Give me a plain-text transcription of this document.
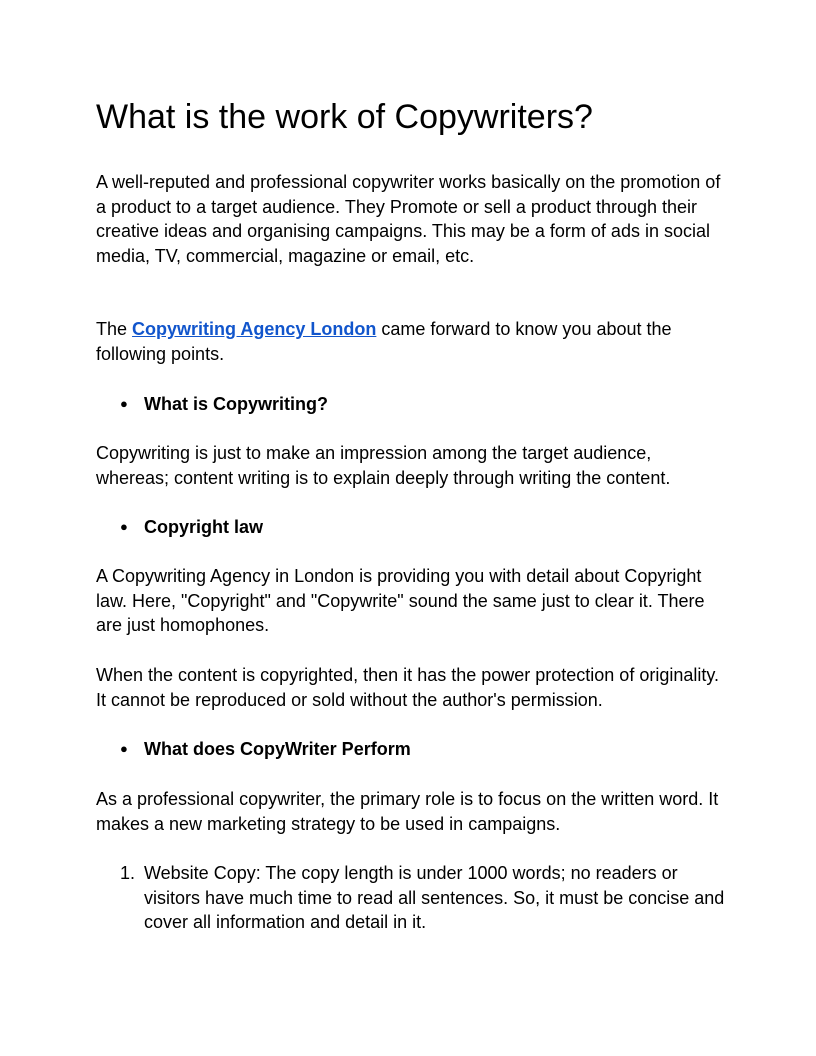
What is the work of Copywriters?

A well-reputed and professional copywriter works basically on the promotion of a product to a target audience. They Promote or sell a product through their creative ideas and organising campaigns. This may be a form of ads in social media, TV, commercial, magazine or email, etc.

The Copywriting Agency London came forward to know you about the following points.

● What is Copywriting?

Copywriting is just to make an impression among the target audience, whereas; content writing is to explain deeply through writing the content.

● Copyright law

A Copywriting Agency in London is providing you with detail about Copyright law. Here, "Copyright" and "Copywrite" sound the same just to clear it. There are just homophones.

When the content is copyrighted, then it has the power protection of originality. It cannot be reproduced or sold without the author's permission.

● What does CopyWriter Perform

As a professional copywriter, the primary role is to focus on the written word. It makes a new marketing strategy to be used in campaigns.

1. Website Copy: The copy length is under 1000 words; no readers or visitors have much time to read all sentences. So, it must be concise and cover all information and detail in it.
